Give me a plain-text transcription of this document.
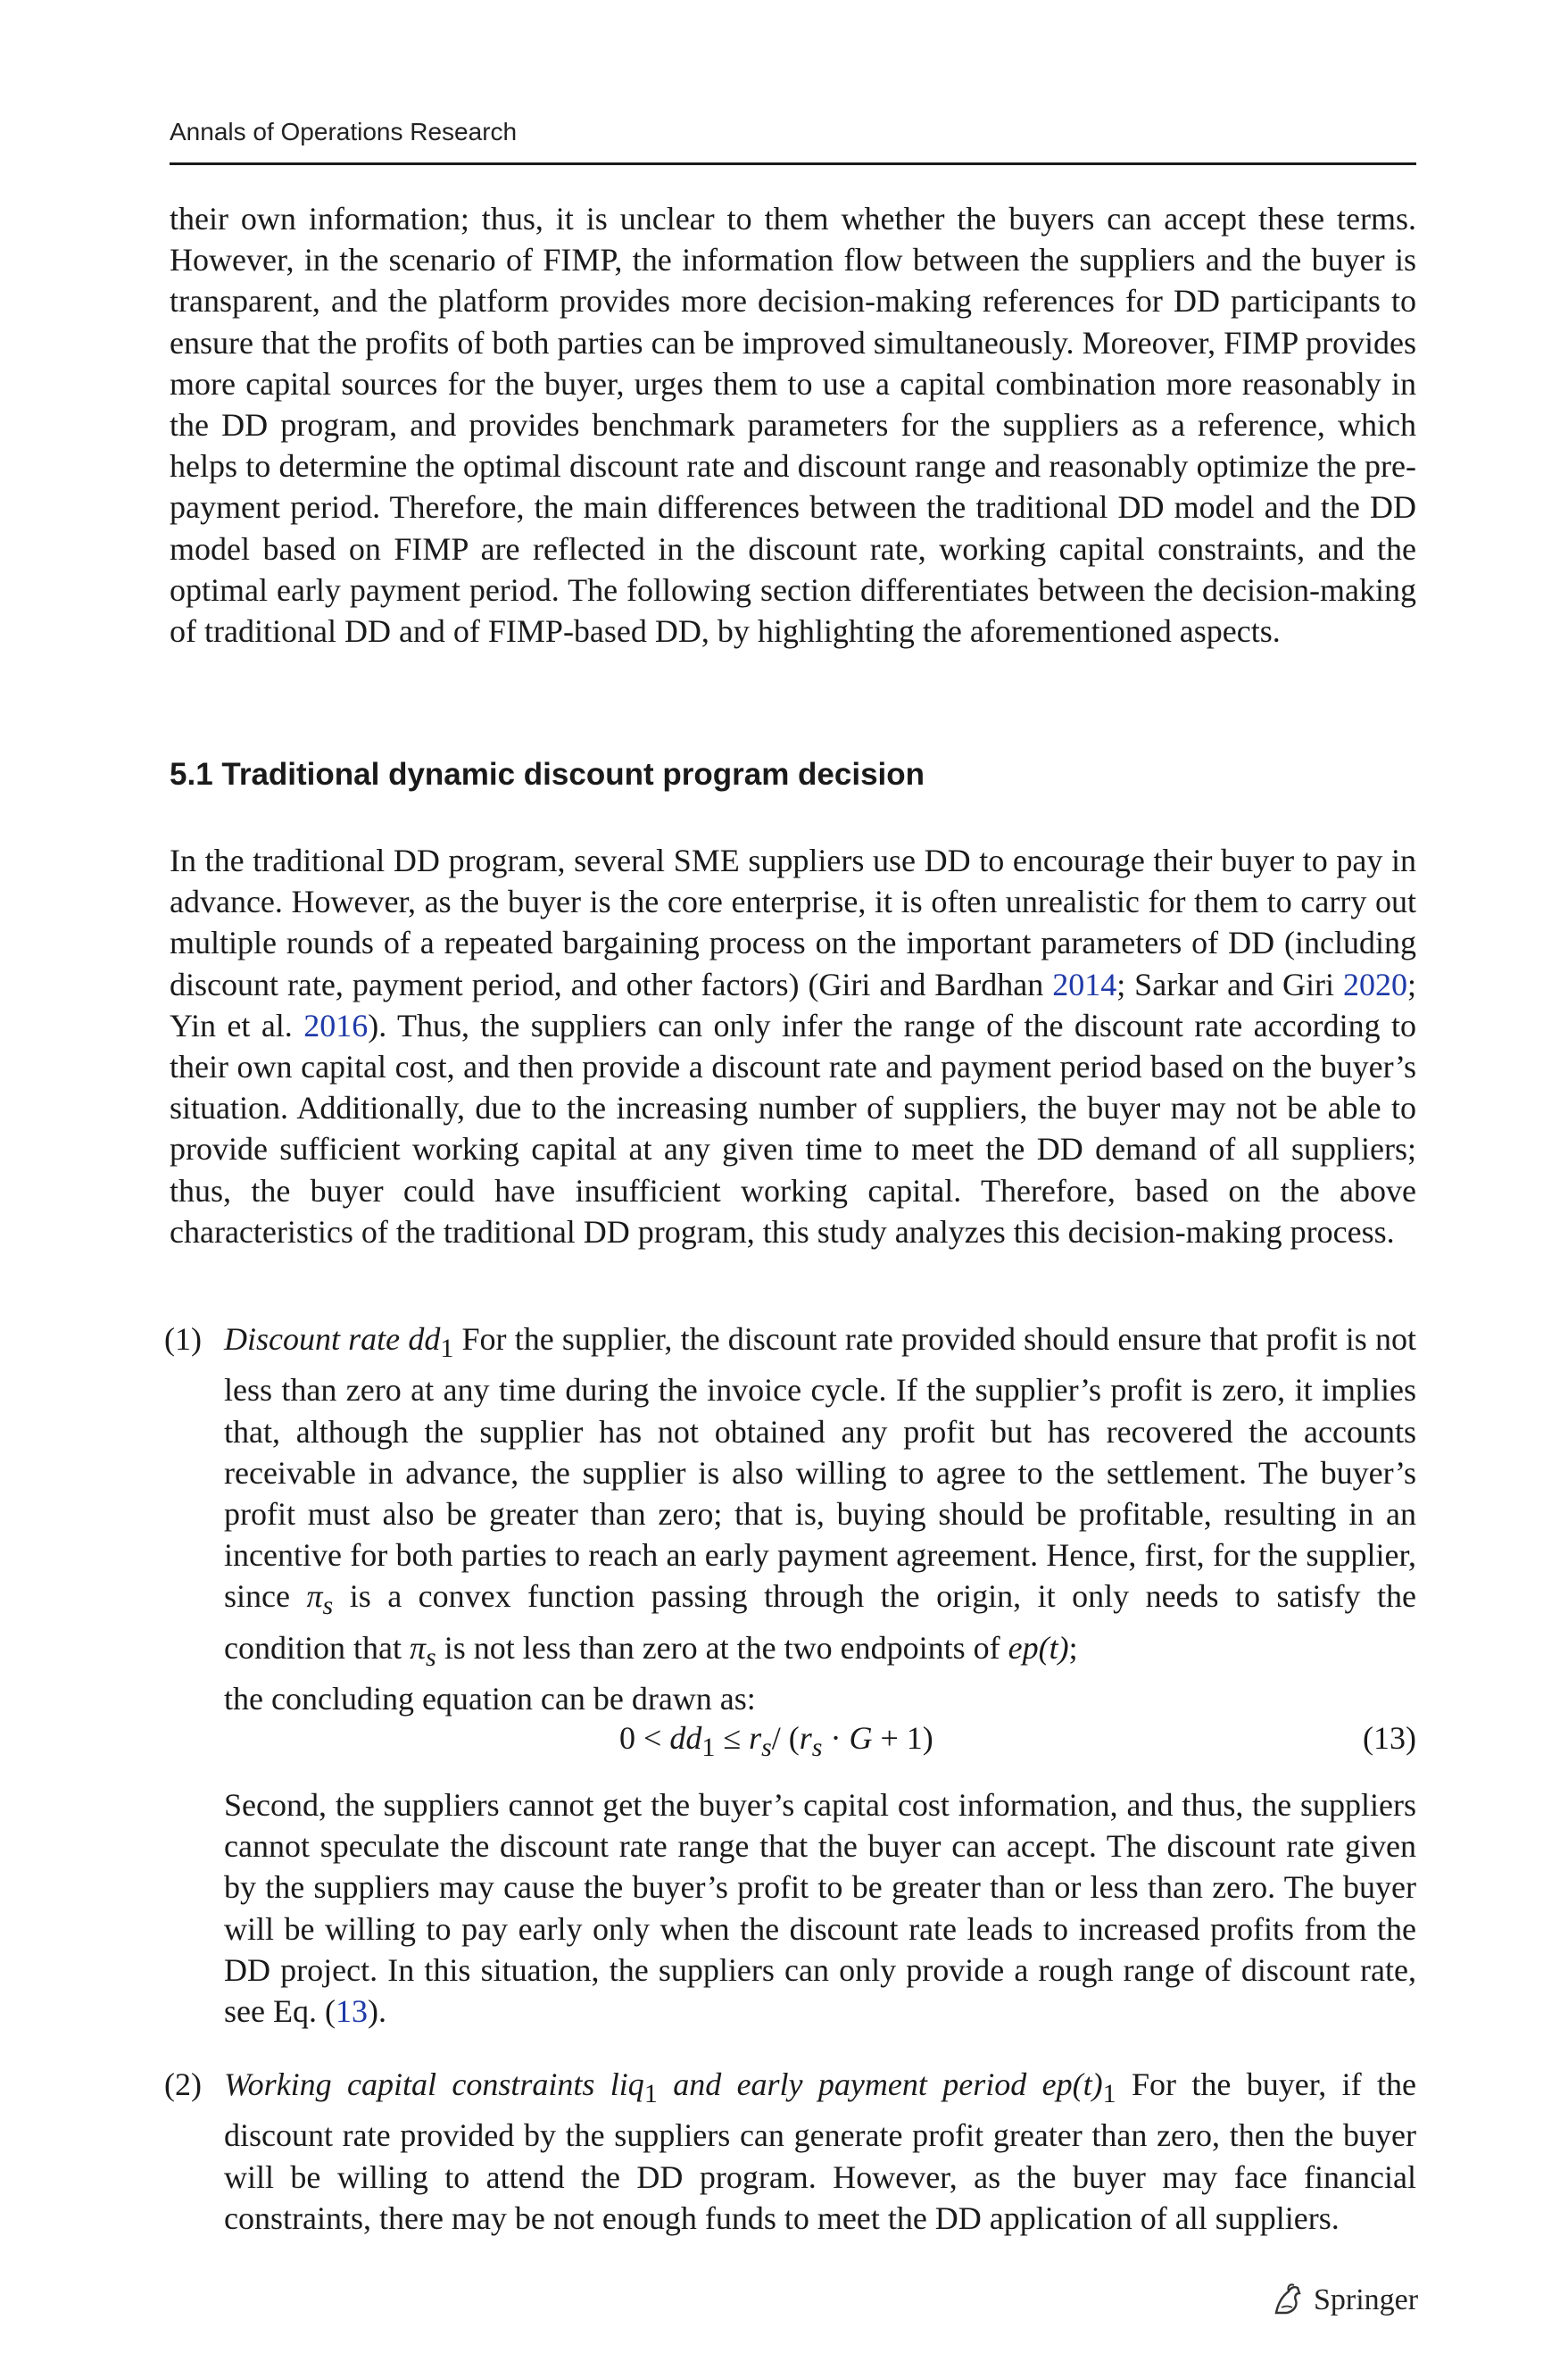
Annals of Operations Research
their own information; thus, it is unclear to them whether the buyers can accept these terms. However, in the scenario of FIMP, the information flow between the suppliers and the buyer is transparent, and the platform provides more decision-making references for DD participants to ensure that the profits of both parties can be improved simultaneously. Moreover, FIMP provides more capital sources for the buyer, urges them to use a capital combination more reasonably in the DD program, and provides benchmark parameters for the suppliers as a reference, which helps to determine the optimal discount rate and discount range and reasonably optimize the pre-payment period. Therefore, the main differences between the traditional DD model and the DD model based on FIMP are reflected in the discount rate, working capital constraints, and the optimal early payment period. The following section differentiates between the decision-making of traditional DD and of FIMP-based DD, by highlighting the aforementioned aspects.
5.1 Traditional dynamic discount program decision
In the traditional DD program, several SME suppliers use DD to encourage their buyer to pay in advance. However, as the buyer is the core enterprise, it is often unrealistic for them to carry out multiple rounds of a repeated bargaining process on the important parameters of DD (including discount rate, payment period, and other factors) (Giri and Bardhan 2014; Sarkar and Giri 2020; Yin et al. 2016). Thus, the suppliers can only infer the range of the discount rate according to their own capital cost, and then provide a discount rate and payment period based on the buyer’s situation. Additionally, due to the increasing number of suppliers, the buyer may not be able to provide sufficient working capital at any given time to meet the DD demand of all suppliers; thus, the buyer could have insufficient working capital. Therefore, based on the above characteristics of the traditional DD program, this study analyzes this decision-making process.
(1) Discount rate $dd_1$ For the supplier, the discount rate provided should ensure that profit is not less than zero at any time during the invoice cycle. If the supplier’s profit is zero, it implies that, although the supplier has not obtained any profit but has recovered the accounts receivable in advance, the supplier is also willing to agree to the settlement. The buyer’s profit must also be greater than zero; that is, buying should be profitable, resulting in an incentive for both parties to reach an early payment agreement. Hence, first, for the supplier, since $\pi_s$ is a convex function passing through the origin, it only needs to satisfy the condition that $\pi_s$ is not less than zero at the two endpoints of ep(t);
the concluding equation can be drawn as:
$0 < dd_1 \le r_s/$ $(r_s \cdot G + 1)$	(13)
Second, the suppliers cannot get the buyer’s capital cost information, and thus, the suppliers cannot speculate the discount rate range that the buyer can accept. The discount rate given by the suppliers may cause the buyer’s profit to be greater than or less than zero. The buyer will be willing to pay early only when the discount rate leads to increased profits from the DD project. In this situation, the suppliers can only provide a rough range of discount rate, see Eq. (13).
(2) Working capital constraints liq$_1$ and early payment period $ep(t)_1$ For the buyer, if the discount rate provided by the suppliers can generate profit greater than zero, then the buyer will be willing to attend the DD program. However, as the buyer may face financial constraints, there may be not enough funds to meet the DD application of all suppliers.
Springer
